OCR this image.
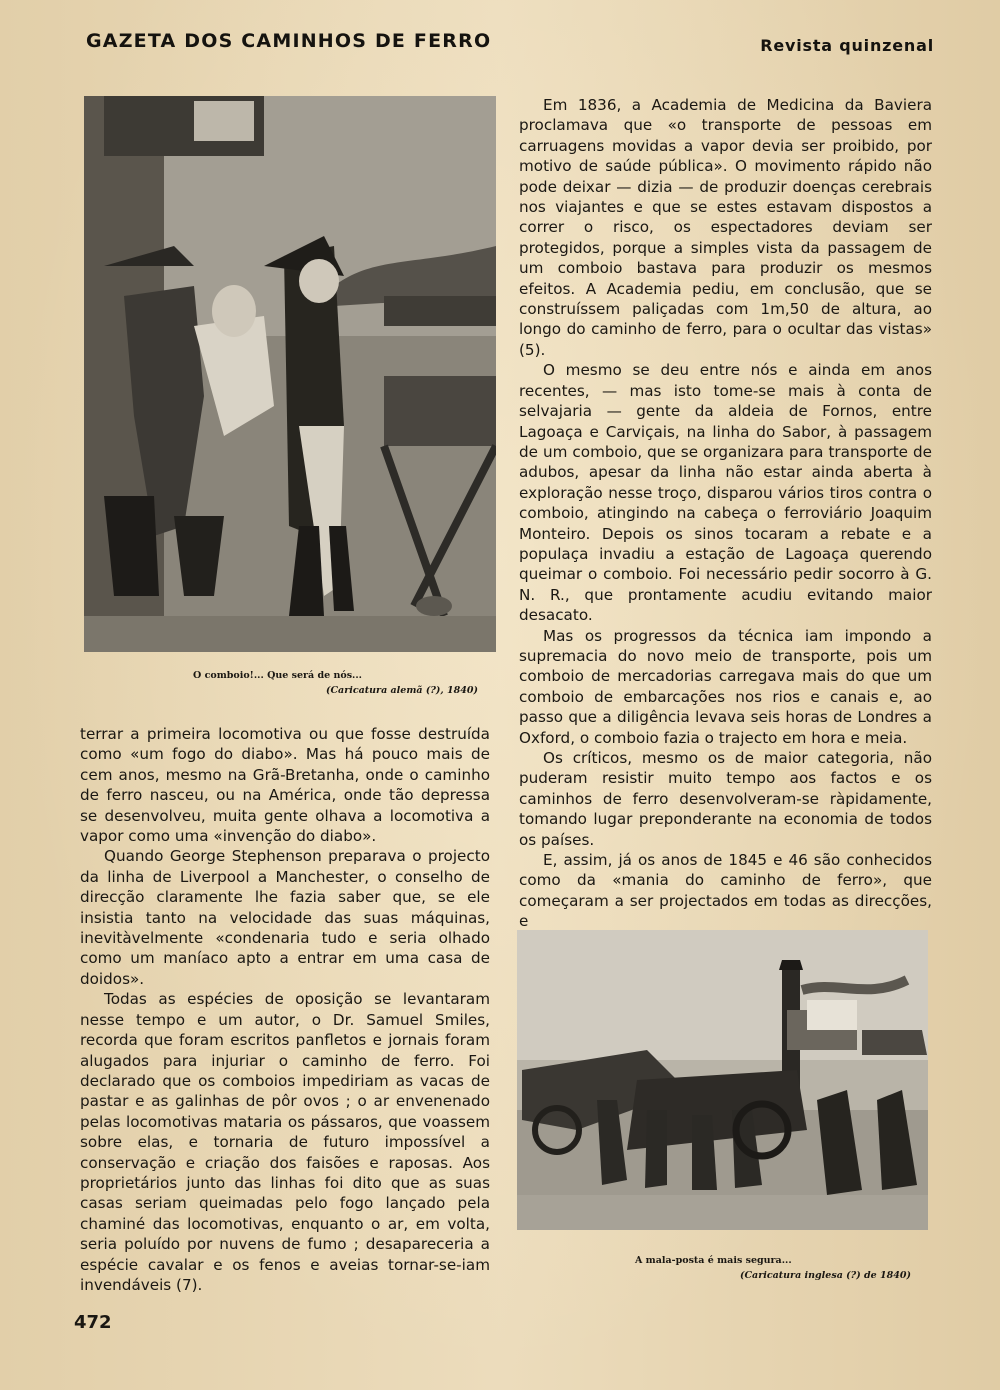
GAZETA DOS CAMINHOS DE FERRO	Revista quinzenal
O comboio!... Que será de nós...
(Caricatura alemã (?), 1840)

Em 1836, a Academia de Medicina da Baviera proclamava que «o transporte de pessoas em carruagens movidas a vapor devia ser proibido, por motivo de saúde pública». O movimento rápido não pode deixar — dizia — de produzir doenças cerebrais nos viajantes e que se estes estavam dispostos a correr o risco, os espectadores deviam ser protegidos, porque a simples vista da passagem de um comboio bastava para produzir os mesmos efeitos. A Academia pediu, em conclusão, que se construíssem paliçadas com 1m,50 de altura, ao longo do caminho de ferro, para o ocultar das vistas» (5).

O mesmo se deu entre nós e ainda em anos recentes, — mas isto tome-se mais à conta de selvajaria — gente da aldeia de Fornos, entre Lagoaça e Carviçais, na linha do Sabor, à passagem de um comboio, que se organizara para transporte de adubos, apesar da linha não estar ainda aberta à exploração nesse troço, disparou vários tiros contra o comboio, atingindo na cabeça o ferroviário Joaquim Monteiro. Depois os sinos tocaram a rebate e a populaça invadiu a estação de Lagoaça querendo queimar o comboio. Foi necessário pedir socorro à G. N. R., que prontamente acudiu evitando maior desacato.

Mas os progressos da técnica iam impondo a supremacia do novo meio de transporte, pois um comboio de mercadorias carregava mais do que um comboio de embarcações nos rios e canais e, ao passo que a diligência levava seis horas de Londres a Oxford, o comboio fazia o trajecto em hora e meia.

Os críticos, mesmo os de maior categoria, não puderam resistir muito tempo aos factos e os caminhos de ferro desenvolveram-se ràpidamente, tomando lugar preponderante na economia de todos os países.

E, assim, já os anos de 1845 e 46 são conhecidos como da «mania do caminho de ferro», que começaram a ser projectados em todas as direcções, e

terrar a primeira locomotiva ou que fosse destruída como «um fogo do diabo». Mas há pouco mais de cem anos, mesmo na Grã-Bretanha, onde o caminho de ferro nasceu, ou na América, onde tão depressa se desenvolveu, muita gente olhava a locomotiva a vapor como uma «invenção do diabo».

Quando George Stephenson preparava o projecto da linha de Liverpool a Manchester, o conselho de direcção claramente lhe fazia saber que, se ele insistia tanto na velocidade das suas máquinas, inevitàvelmente «condenaria tudo e seria olhado como um maníaco apto a entrar em uma casa de doidos».

Todas as espécies de oposição se levantaram nesse tempo e um autor, o Dr. Samuel Smiles, recorda que foram escritos panfletos e jornais foram alugados para injuriar o caminho de ferro. Foi declarado que os comboios impediriam as vacas de pastar e as galinhas de pôr ovos ; o ar envenenado pelas locomotivas mataria os pássaros, que voassem sobre elas, e tornaria de futuro impossível a conservação e criação dos faisões e raposas. Aos proprietários junto das linhas foi dito que as suas casas seriam queimadas pelo fogo lançado pela chaminé das locomotivas, enquanto o ar, em volta, seria poluído por nuvens de fumo ; desapareceria a espécie cavalar e os fenos e aveias tornar-se-iam invendáveis (7).

A mala-posta é mais segura...
(Caricatura inglesa (?) de 1840)
472
